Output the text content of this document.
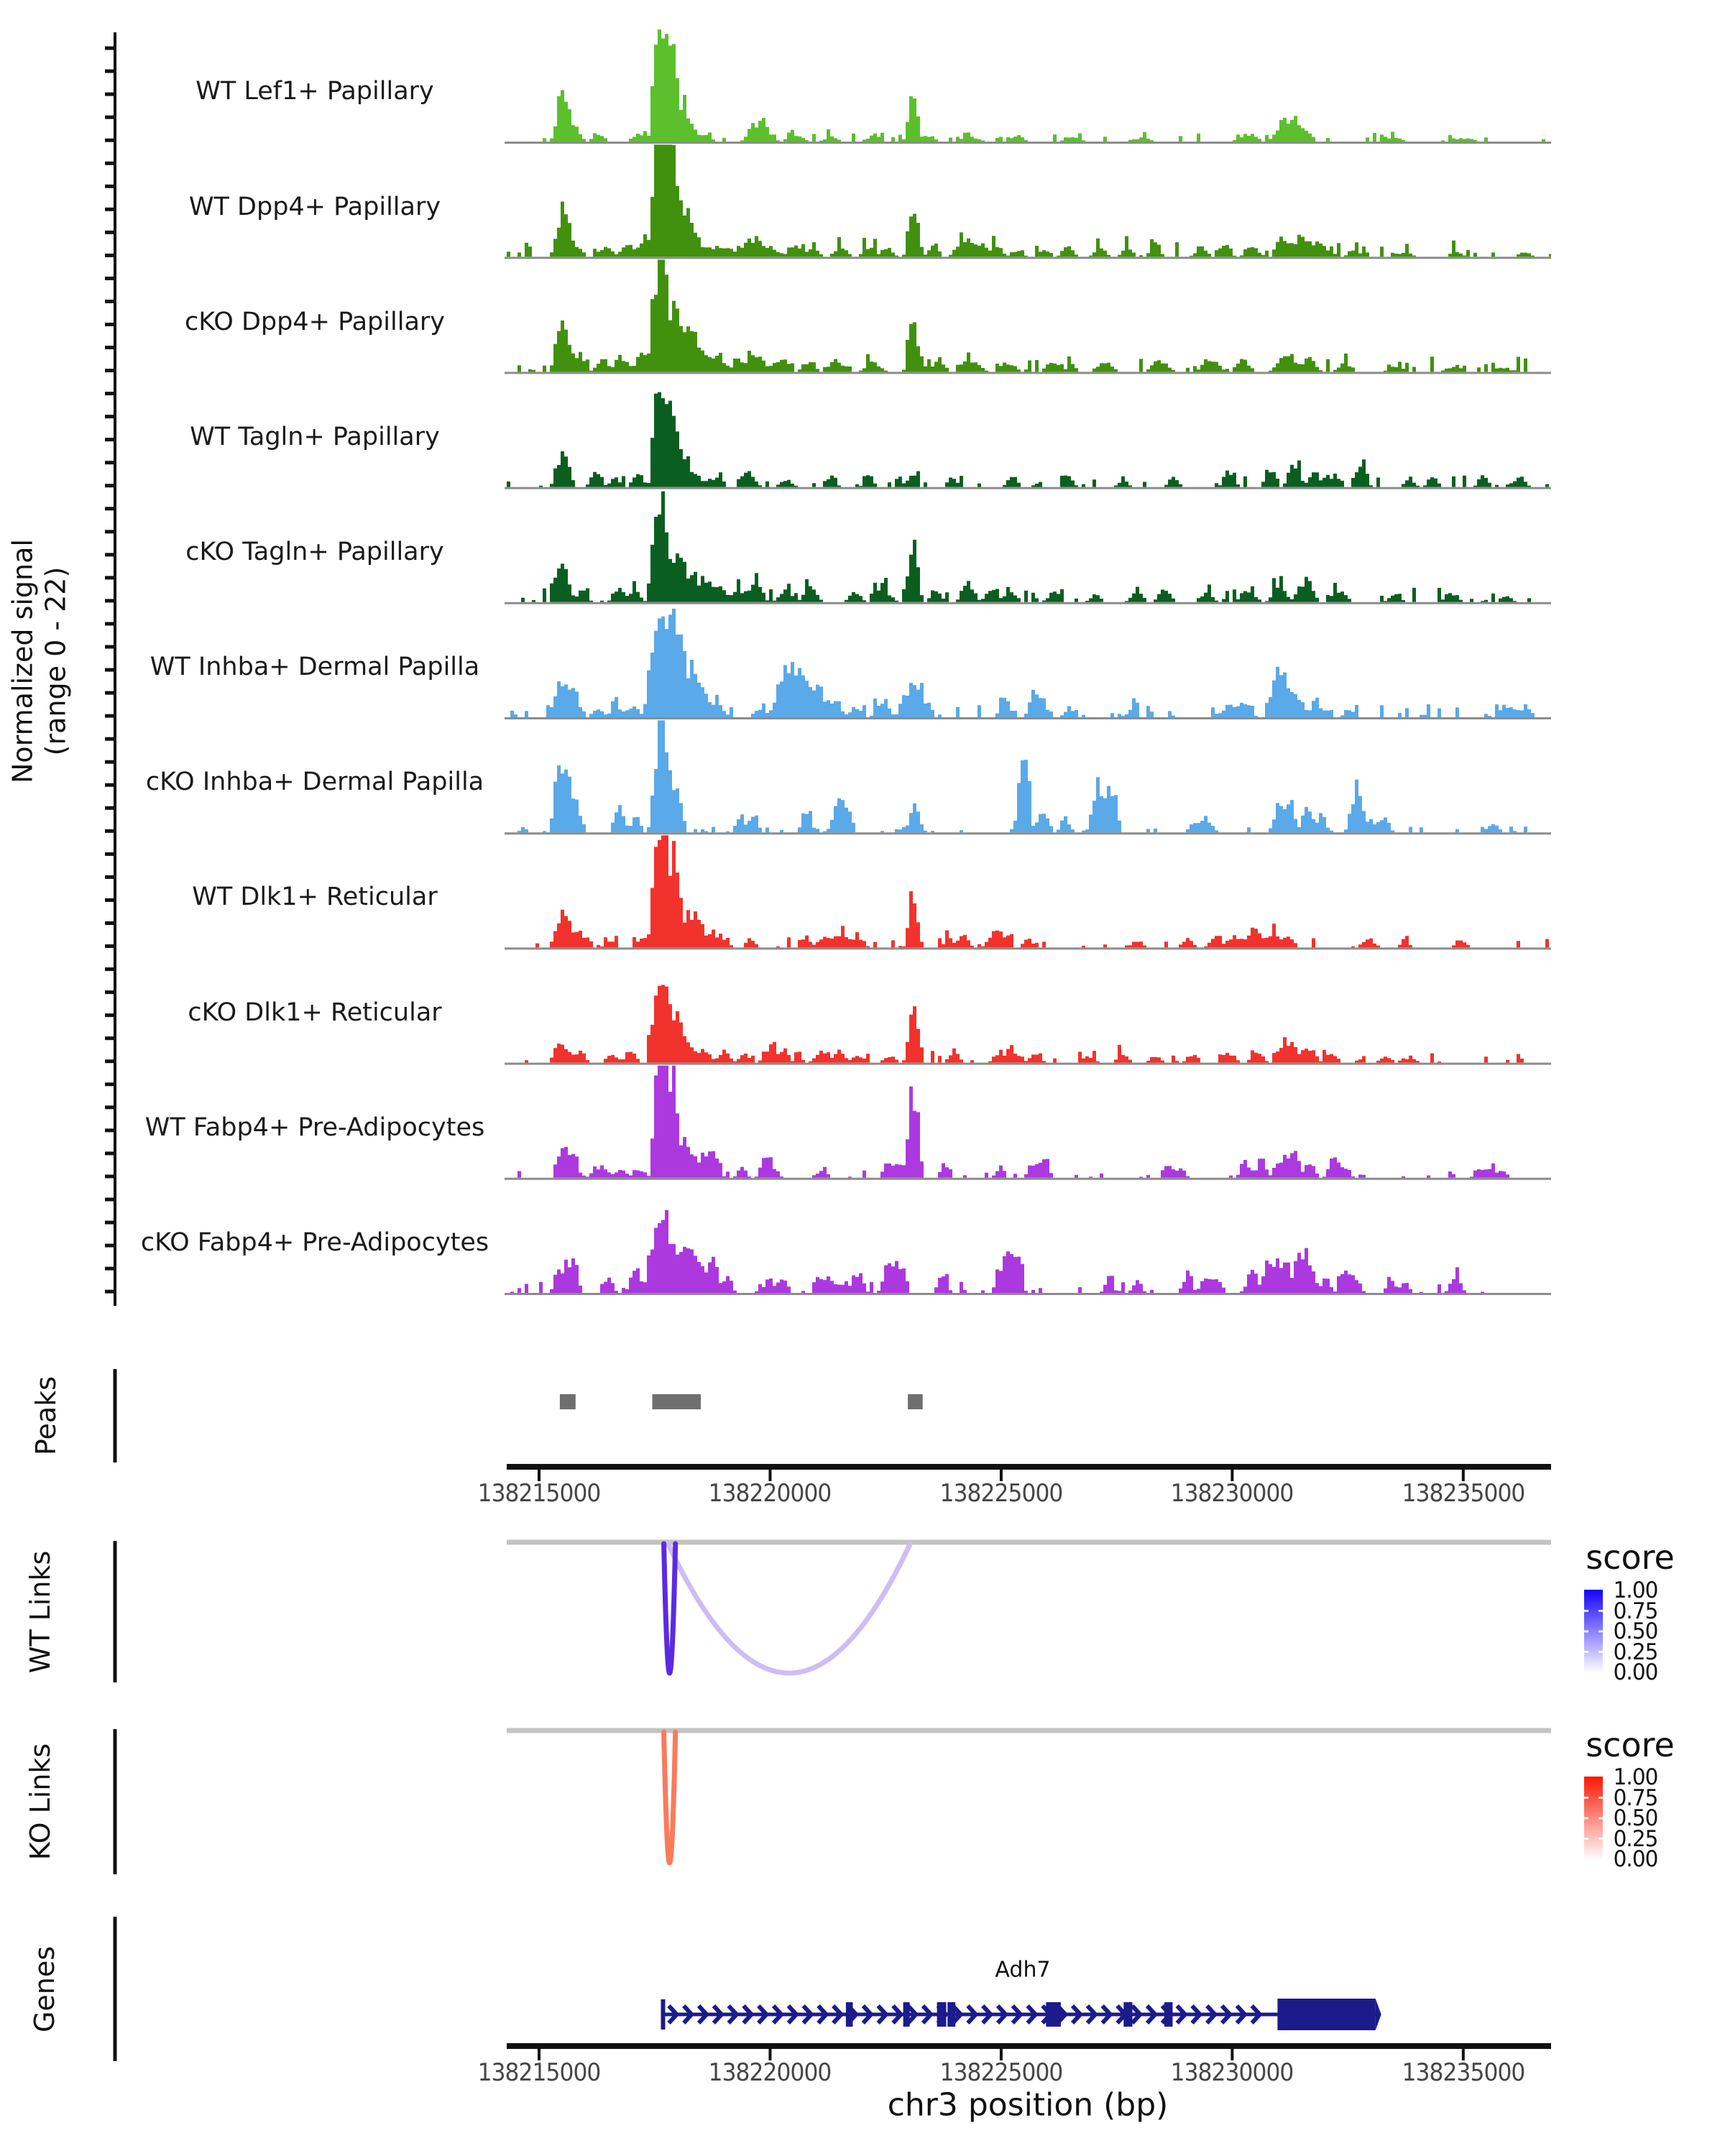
Normalized signal (range 0 - 22)
WT Lef1+ Papillary
WT Dpp4+ Papillary
cKO Dpp4+ Papillary
WT Tagln+ Papillary
cKO Tagln+ Papillary
WT Inhba+ Dermal Papilla
cKO Inhba+ Dermal Papilla
WT Dlk1+ Reticular
cKO Dlk1+ Reticular
WT Fabp4+ Pre-Adipocytes
cKO Fabp4+ Pre-Adipocytes
Peaks
WT Links
KO Links
Genes
138215000	138220000	138225000	138230000	138235000
score
1.00
0.75
0.50
0.25
0.00
score
1.00
0.75
0.50
0.25
0.00
Adh7
138215000	138220000	138225000	138230000	138235000
chr3 position (bp)
